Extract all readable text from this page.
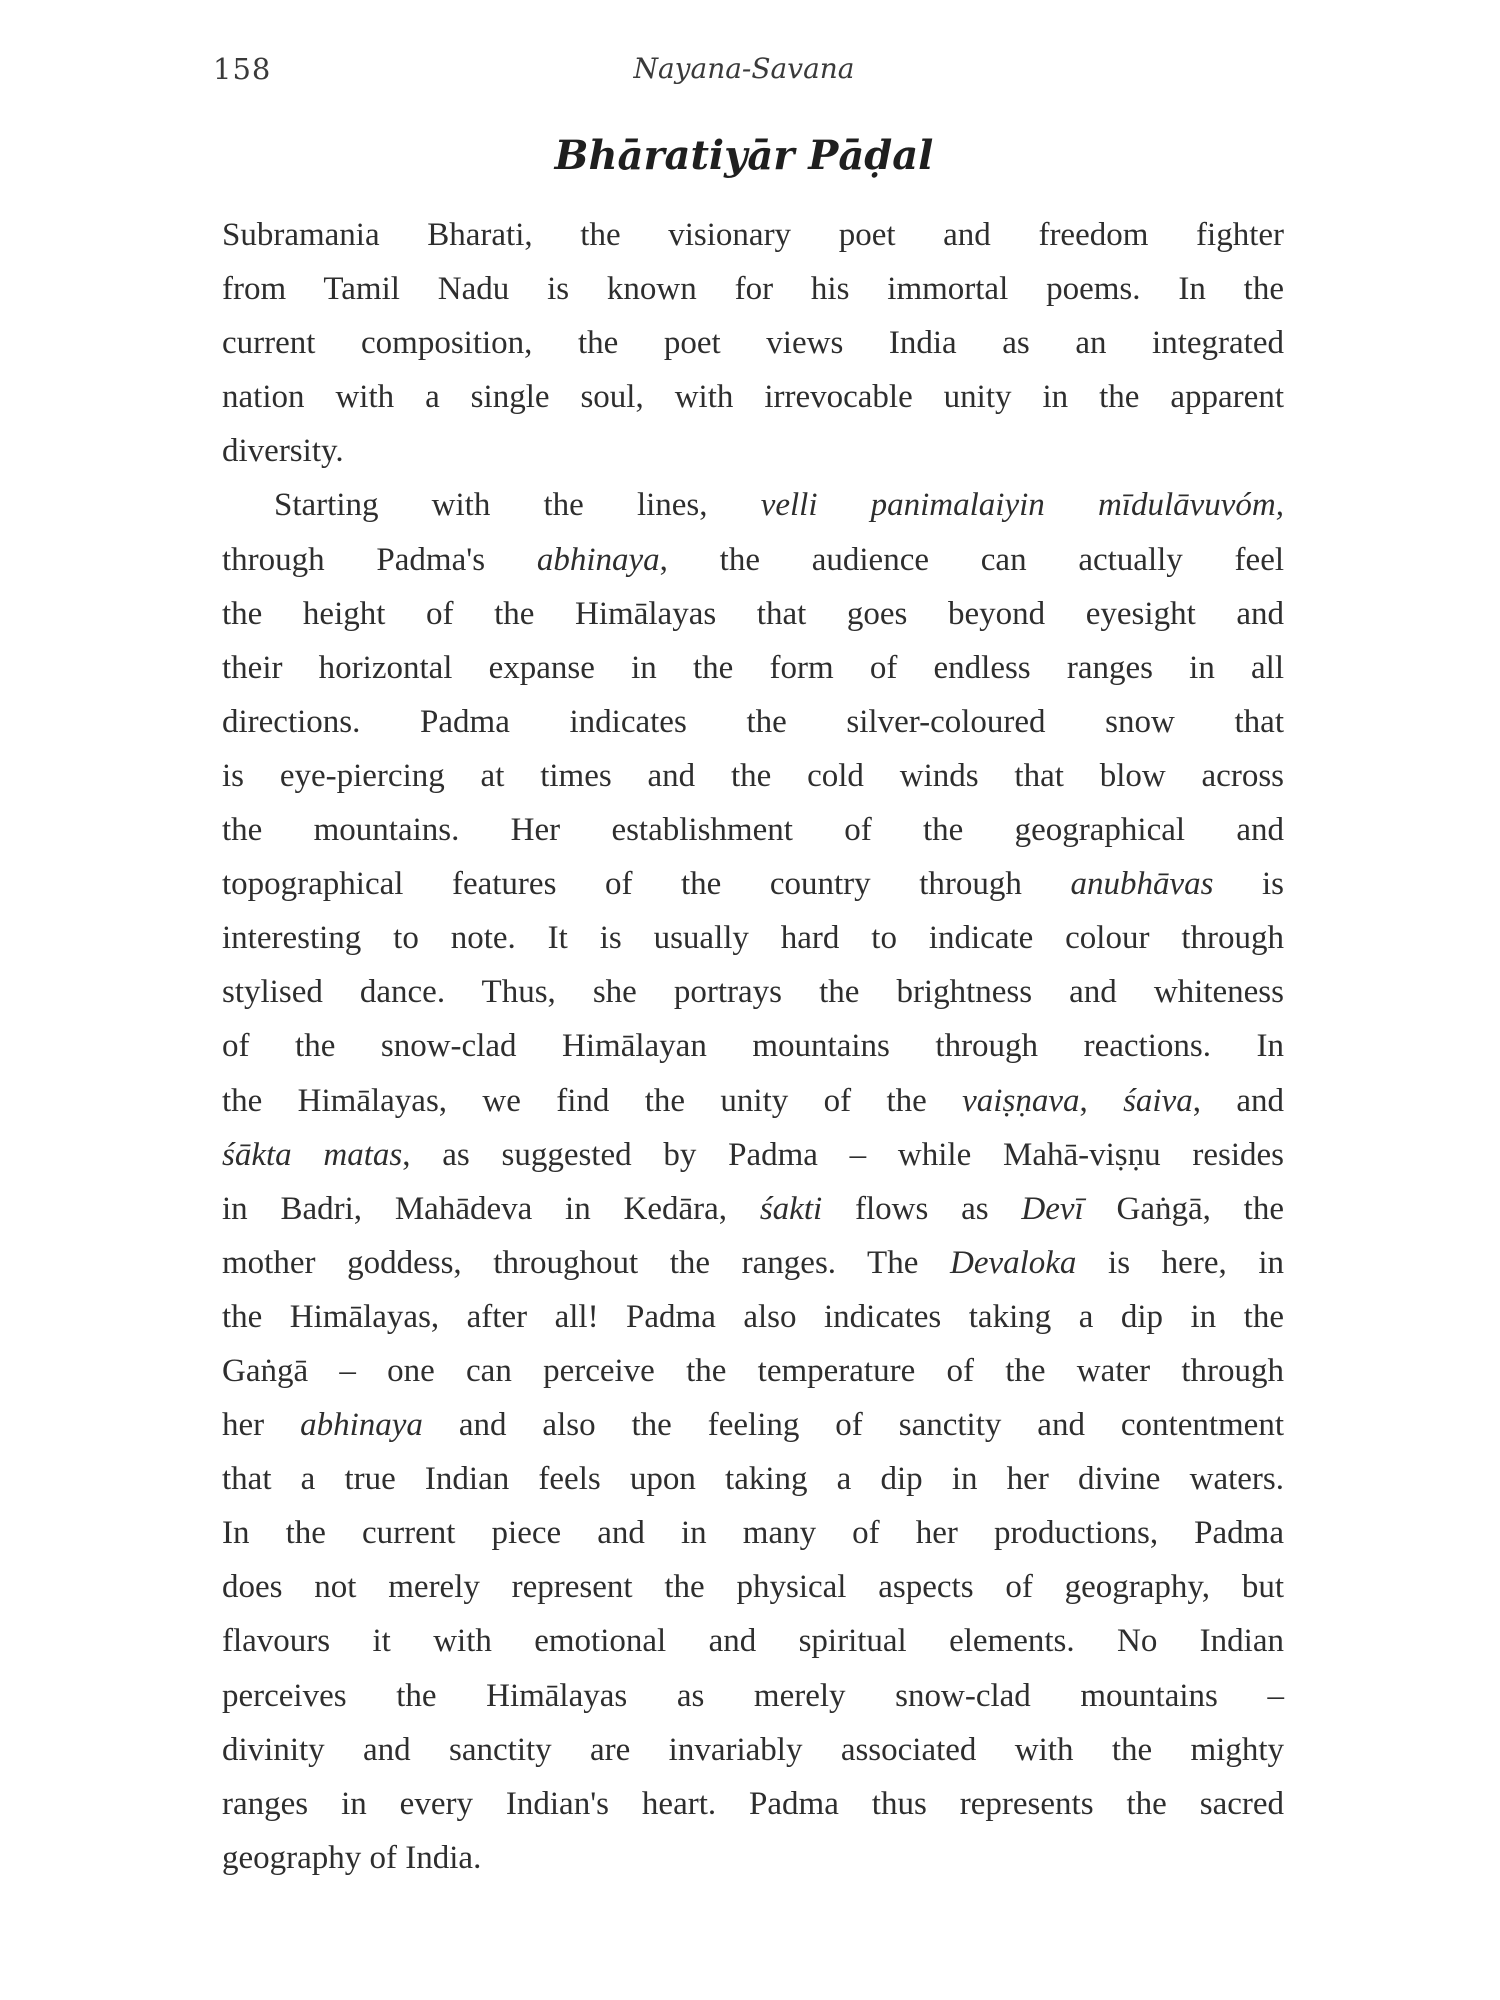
158	Nayana-Savana
Bhāratiyār Pāḍal
Subramania Bharati, the visionary poet and freedom fighter
from Tamil Nadu is known for his immortal poems. In the
current composition, the poet views India as an integrated
nation with a single soul, with irrevocable unity in the apparent
diversity.
Starting with the lines, velli panimalaiyin mīdulāvuvóm,
through Padma's abhinaya, the audience can actually feel
the height of the Himālayas that goes beyond eyesight and
their horizontal expanse in the form of endless ranges in all
directions. Padma indicates the silver-coloured snow that
is eye-piercing at times and the cold winds that blow across
the mountains. Her establishment of the geographical and
topographical features of the country through anubhāvas is
interesting to note. It is usually hard to indicate colour through
stylised dance. Thus, she portrays the brightness and whiteness
of the snow-clad Himālayan mountains through reactions. In
the Himālayas, we find the unity of the vaiṣṇava, śaiva, and
śākta matas, as suggested by Padma – while Mahā-viṣṇu resides
in Badri, Mahādeva in Kedāra, śakti flows as Devī Gaṅgā, the
mother goddess, throughout the ranges. The Devaloka is here, in
the Himālayas, after all! Padma also indicates taking a dip in the
Gaṅgā – one can perceive the temperature of the water through
her abhinaya and also the feeling of sanctity and contentment
that a true Indian feels upon taking a dip in her divine waters.
In the current piece and in many of her productions, Padma
does not merely represent the physical aspects of geography, but
flavours it with emotional and spiritual elements. No Indian
perceives the Himālayas as merely snow-clad mountains –
divinity and sanctity are invariably associated with the mighty
ranges in every Indian's heart. Padma thus represents the sacred
geography of India.
